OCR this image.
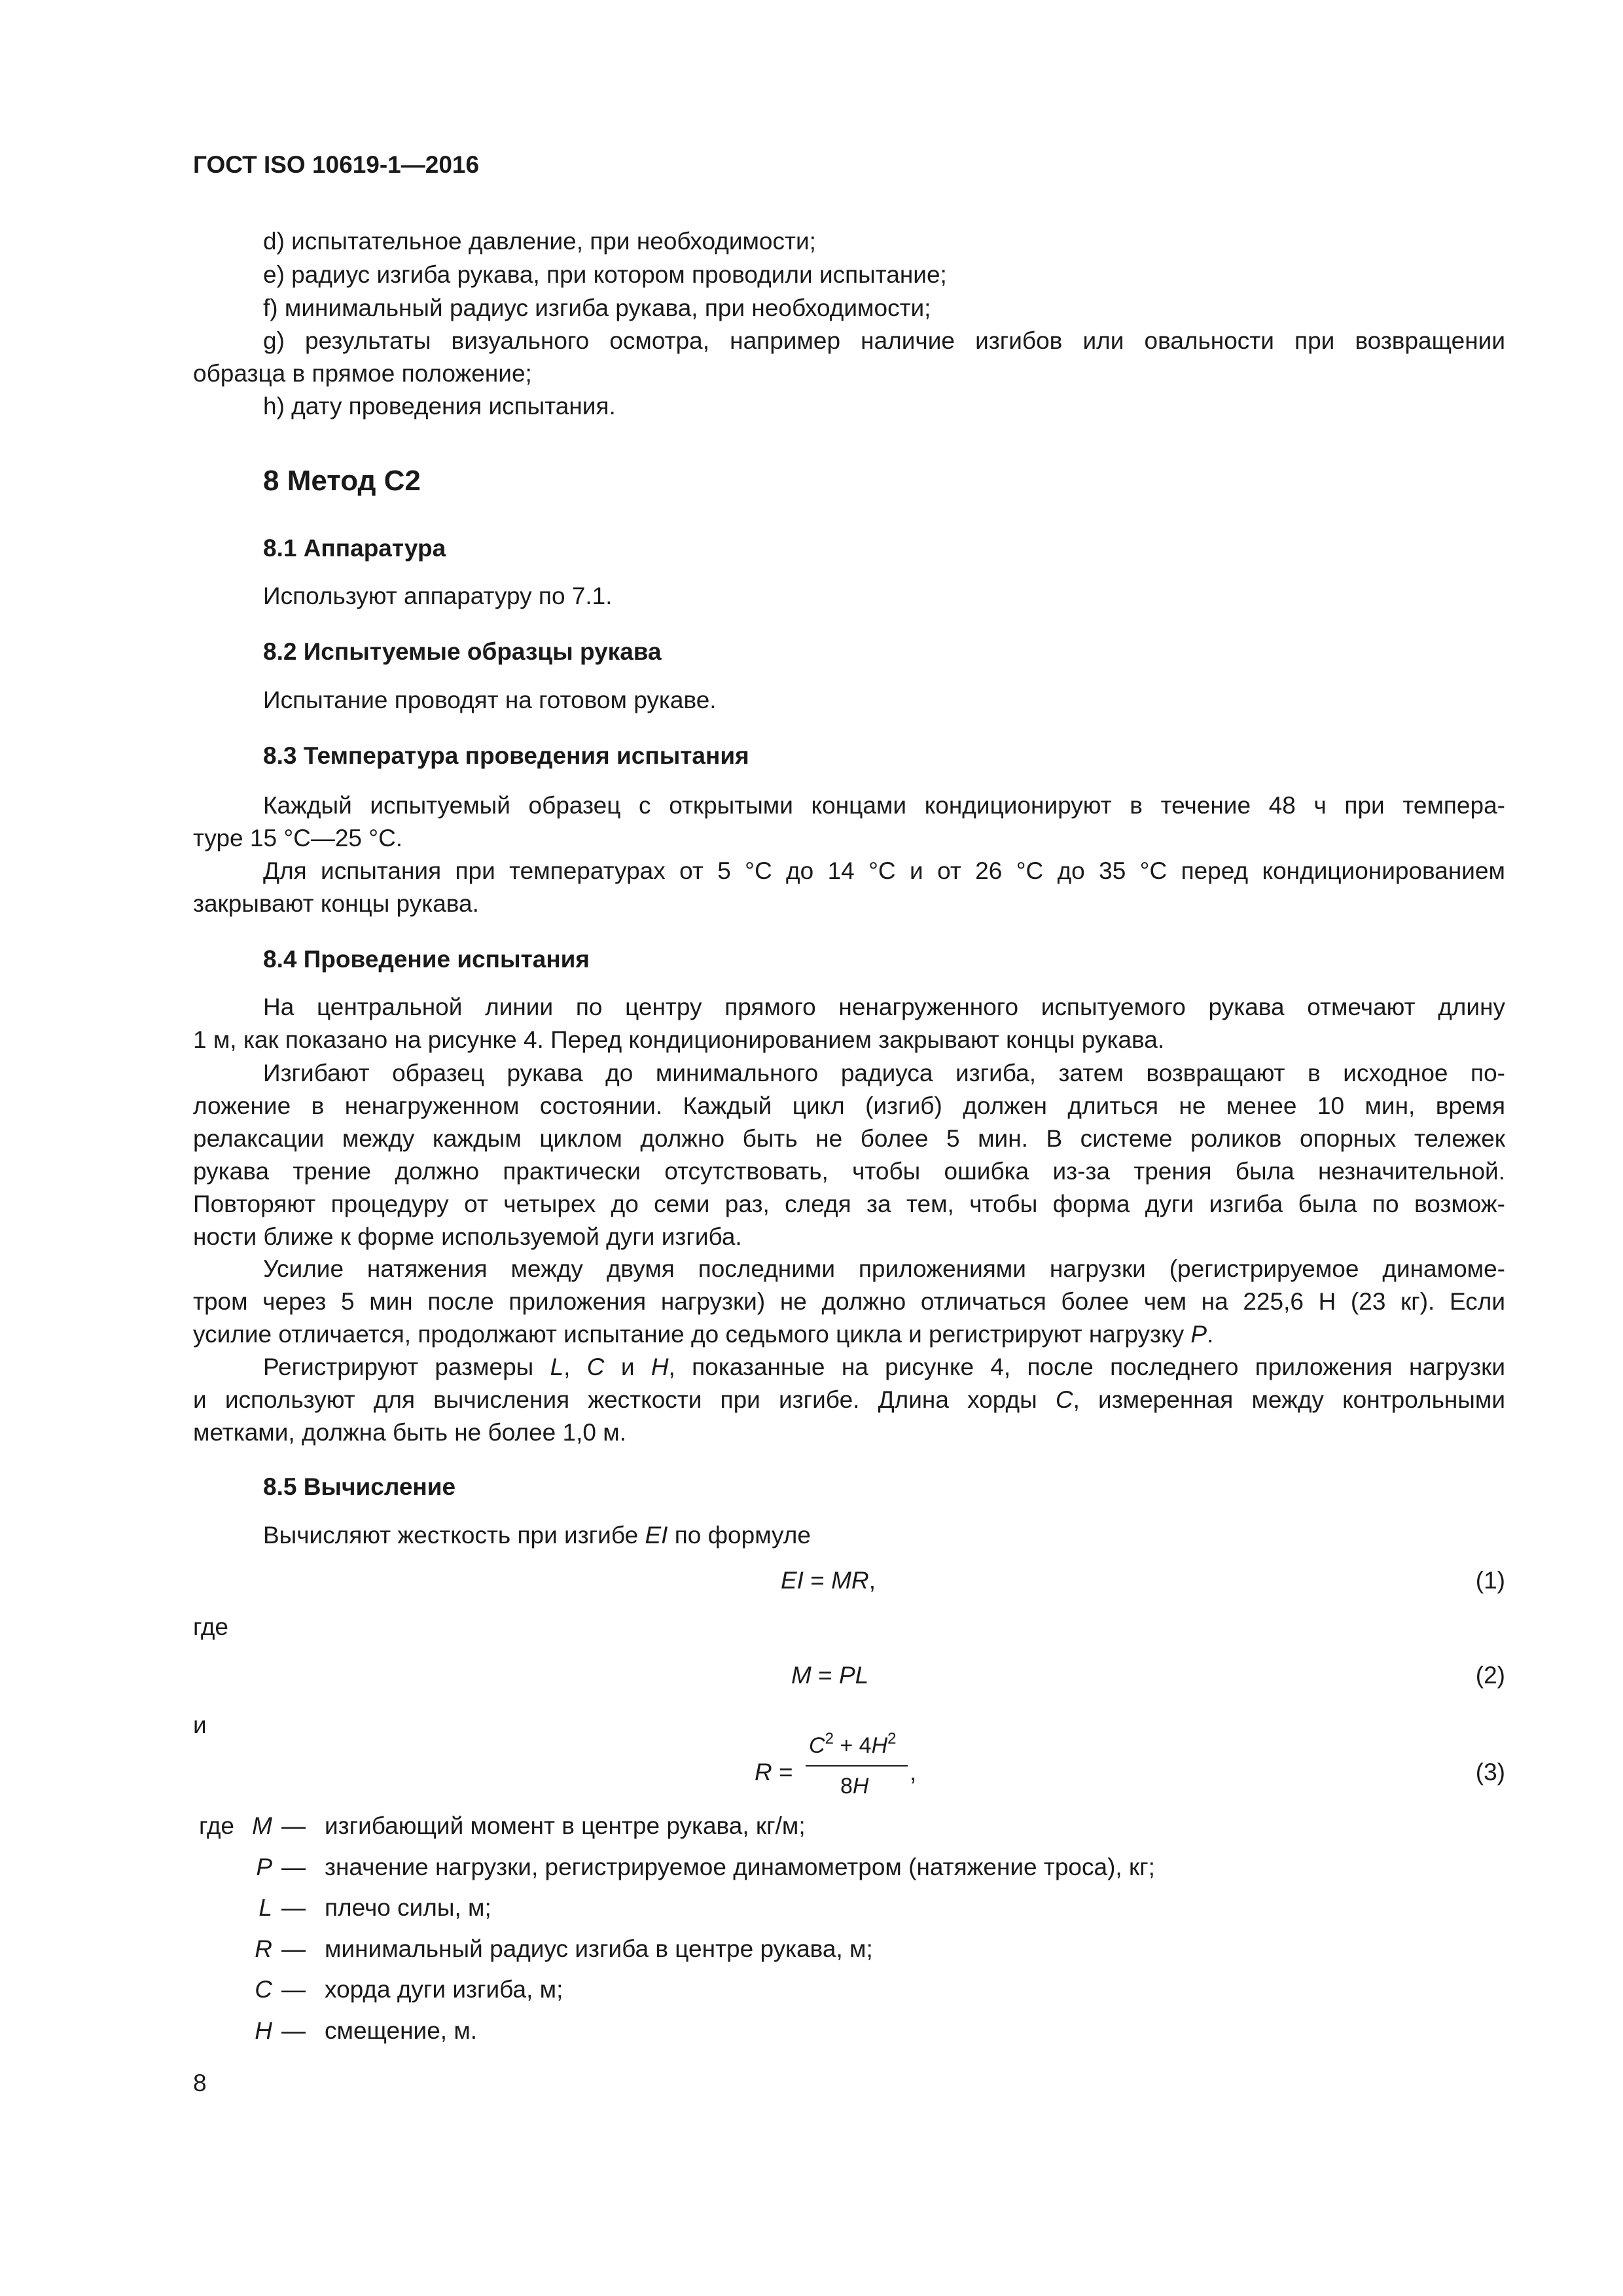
ГОСТ ISO 10619-1—2016
d) испытательное давление, при необходимости;
e) радиус изгиба рукава, при котором проводили испытание;
f) минимальный радиус изгиба рукава, при необходимости;
g) результаты визуального осмотра, например наличие изгибов или овальности при возвращении
образца в прямое положение;
h) дату проведения испытания.
8 Метод С2
8.1 Аппаратура
Используют аппаратуру по 7.1.
8.2 Испытуемые образцы рукава
Испытание проводят на готовом рукаве.
8.3 Температура проведения испытания
Каждый испытуемый образец с открытыми концами кондиционируют в течение 48 ч при темпера-
туре 15 °С—25 °С.
Для испытания при температурах от 5 °С до 14 °С и от 26 °С до 35 °С перед кондиционированием
закрывают концы рукава.
8.4 Проведение испытания
На центральной линии по центру прямого ненагруженного испытуемого рукава отмечают длину
1 м, как показано на рисунке 4. Перед кондиционированием закрывают концы рукава.
Изгибают образец рукава до минимального радиуса изгиба, затем возвращают в исходное по-
ложение в ненагруженном состоянии. Каждый цикл (изгиб) должен длиться не менее 10 мин, время
релаксации между каждым циклом должно быть не более 5 мин. В системе роликов опорных тележек
рукава трение должно практически отсутствовать, чтобы ошибка из-за трения была незначительной.
Повторяют процедуру от четырех до семи раз, следя за тем, чтобы форма дуги изгиба была по возмож-
ности ближе к форме используемой дуги изгиба.
Усилие натяжения между двумя последними приложениями нагрузки (регистрируемое динамоме-
тром через 5 мин после приложения нагрузки) не должно отличаться более чем на 225,6 Н (23 кг). Если
усилие отличается, продолжают испытание до седьмого цикла и регистрируют нагрузку P.
Регистрируют размеры L, С и H, показанные на рисунке 4, после последнего приложения нагрузки
и используют для вычисления жесткости при изгибе. Длина хорды С, измеренная между контрольными
метками, должна быть не более 1,0 м.
8.5 Вычисление
Вычисляют жесткость при изгибе EI по формуле
EI = MR,	(1)
где
M = PL	(2)
и
R =
$C^2 + 4H^2$
8H
,	(3)
где M — изгибающий момент в центре рукава, кг/м;
P — значение нагрузки, регистрируемое динамометром (натяжение троса), кг;
L — плечо силы, м;
R — минимальный радиус изгиба в центре рукава, м;
C — хорда дуги изгиба, м;
H — смещение, м.
8
